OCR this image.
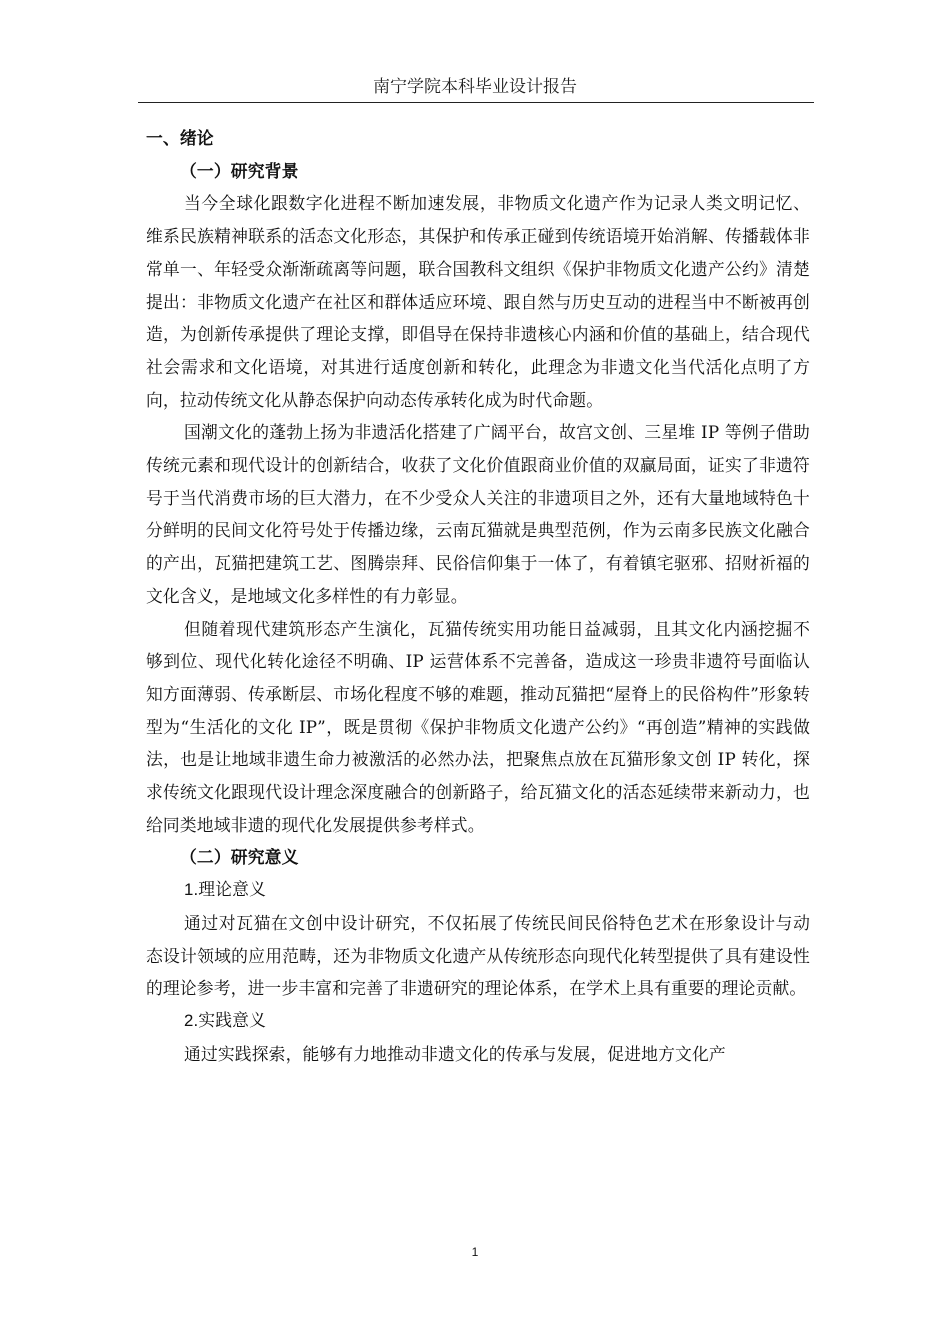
南宁学院本科毕业设计报告

一、绪论

（一）研究背景

当今全球化跟数字化进程不断加速发展，非物质文化遗产作为记录人类文明记忆、维系民族精神联系的活态文化形态，其保护和传承正碰到传统语境开始消解、传播载体非常单一、年轻受众渐渐疏离等问题，联合国教科文组织《保护非物质文化遗产公约》清楚提出：非物质文化遗产在社区和群体适应环境、跟自然与历史互动的进程当中不断被再创造，为创新传承提供了理论支撑，即倡导在保持非遗核心内涵和价值的基础上，结合现代社会需求和文化语境，对其进行适度创新和转化，此理念为非遗文化当代活化点明了方向，拉动传统文化从静态保护向动态传承转化成为时代命题。

国潮文化的蓬勃上扬为非遗活化搭建了广阔平台，故宫文创、三星堆 IP 等例子借助传统元素和现代设计的创新结合，收获了文化价值跟商业价值的双赢局面，证实了非遗符号于当代消费市场的巨大潜力，在不少受众人关注的非遗项目之外，还有大量地域特色十分鲜明的民间文化符号处于传播边缘，云南瓦猫就是典型范例，作为云南多民族文化融合的产出，瓦猫把建筑工艺、图腾崇拜、民俗信仰集于一体了，有着镇宅驱邪、招财祈福的文化含义，是地域文化多样性的有力彰显。

但随着现代建筑形态产生演化，瓦猫传统实用功能日益减弱，且其文化内涵挖掘不够到位、现代化转化途径不明确、IP 运营体系不完善备，造成这一珍贵非遗符号面临认知方面薄弱、传承断层、市场化程度不够的难题，推动瓦猫把“屋脊上的民俗构件”形象转型为“生活化的文化 IP”，既是贯彻《保护非物质文化遗产公约》“再创造”精神的实践做法，也是让地域非遗生命力被激活的必然办法，把聚焦点放在瓦猫形象文创 IP 转化，探求传统文化跟现代设计理念深度融合的创新路子，给瓦猫文化的活态延续带来新动力，也给同类地域非遗的现代化发展提供参考样式。

（二）研究意义

1.理论意义

通过对瓦猫在文创中设计研究，不仅拓展了传统民间民俗特色艺术在形象设计与动态设计领域的应用范畴，还为非物质文化遗产从传统形态向现代化转型提供了具有建设性的理论参考，进一步丰富和完善了非遗研究的理论体系，在学术上具有重要的理论贡献。

2.实践意义

通过实践探索，能够有力地推动非遗文化的传承与发展，促进地方文化产

1
